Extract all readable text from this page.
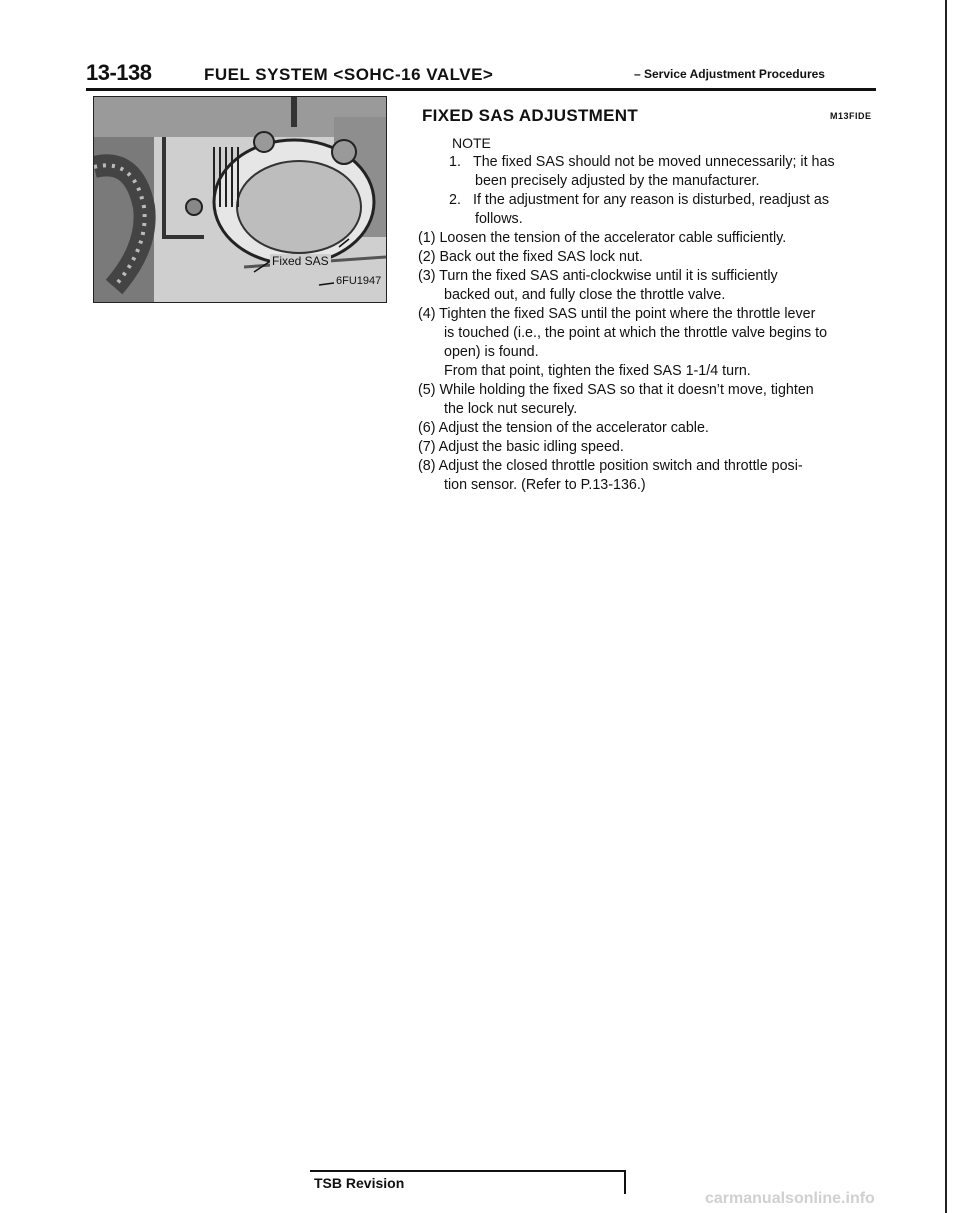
13-138	FUEL SYSTEM <SOHC-16 VALVE>	– Service Adjustment Procedures
Fixed SAS
6FU1947
FIXED SAS ADJUSTMENT	M13FIDE
NOTE
1. The fixed SAS should not be moved unnecessarily; it has
been precisely adjusted by the manufacturer.
2. If the adjustment for any reason is disturbed, readjust as
follows.
(1) Loosen the tension of the accelerator cable sufficiently.
(2) Back out the fixed SAS lock nut.
(3) Turn the fixed SAS anti-clockwise until it is sufficiently
backed out, and fully close the throttle valve.
(4) Tighten the fixed SAS until the point where the throttle lever
is touched (i.e., the point at which the throttle valve begins to
open) is found.
From that point, tighten the fixed SAS 1-1/4 turn.
(5) While holding the fixed SAS so that it doesn’t move, tighten
the lock nut securely.
(6) Adjust the tension of the accelerator cable.
(7) Adjust the basic idling speed.
(8) Adjust the closed throttle position switch and throttle posi-
tion sensor. (Refer to P.13-136.)
TSB Revision
carmanualsonline.info
